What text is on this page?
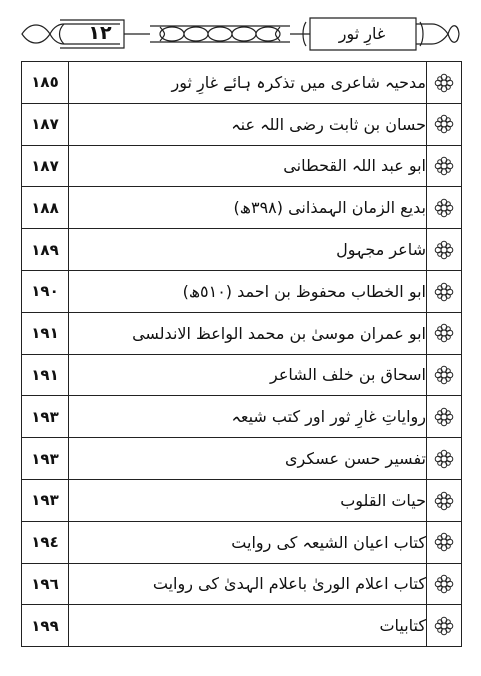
١٢	غارِ ثور
١٨٥	مدحیہ شاعری میں تذکرہ ہائے غارِ ثور	
١٨٧	حسان بن ثابت رضی اللہ عنہ	
١٨٧	ابو عبد اللہ القحطانی	
١٨٨	بدیع الزمان الہمذانی (٣٩٨ھ)	
١٨٩	شاعر مجہول	
١٩٠	ابو الخطاب محفوظ بن احمد (٥١٠ھ)	
١٩١	ابو عمران موسیٰ بن محمد الواعظ الاندلسی	
١٩١	اسحاق بن خلف الشاعر	
١٩٣	روایاتِ غارِ ثور اور کتب شیعہ	
١٩٣	تفسیر حسن عسکری	
١٩٣	حیات القلوب	
١٩٤	کتاب اعیان الشیعہ کی روایت	
١٩٦	کتاب اعلام الوریٰ باعلام الہدیٰ کی روایت	
١٩٩	کتابیات	
